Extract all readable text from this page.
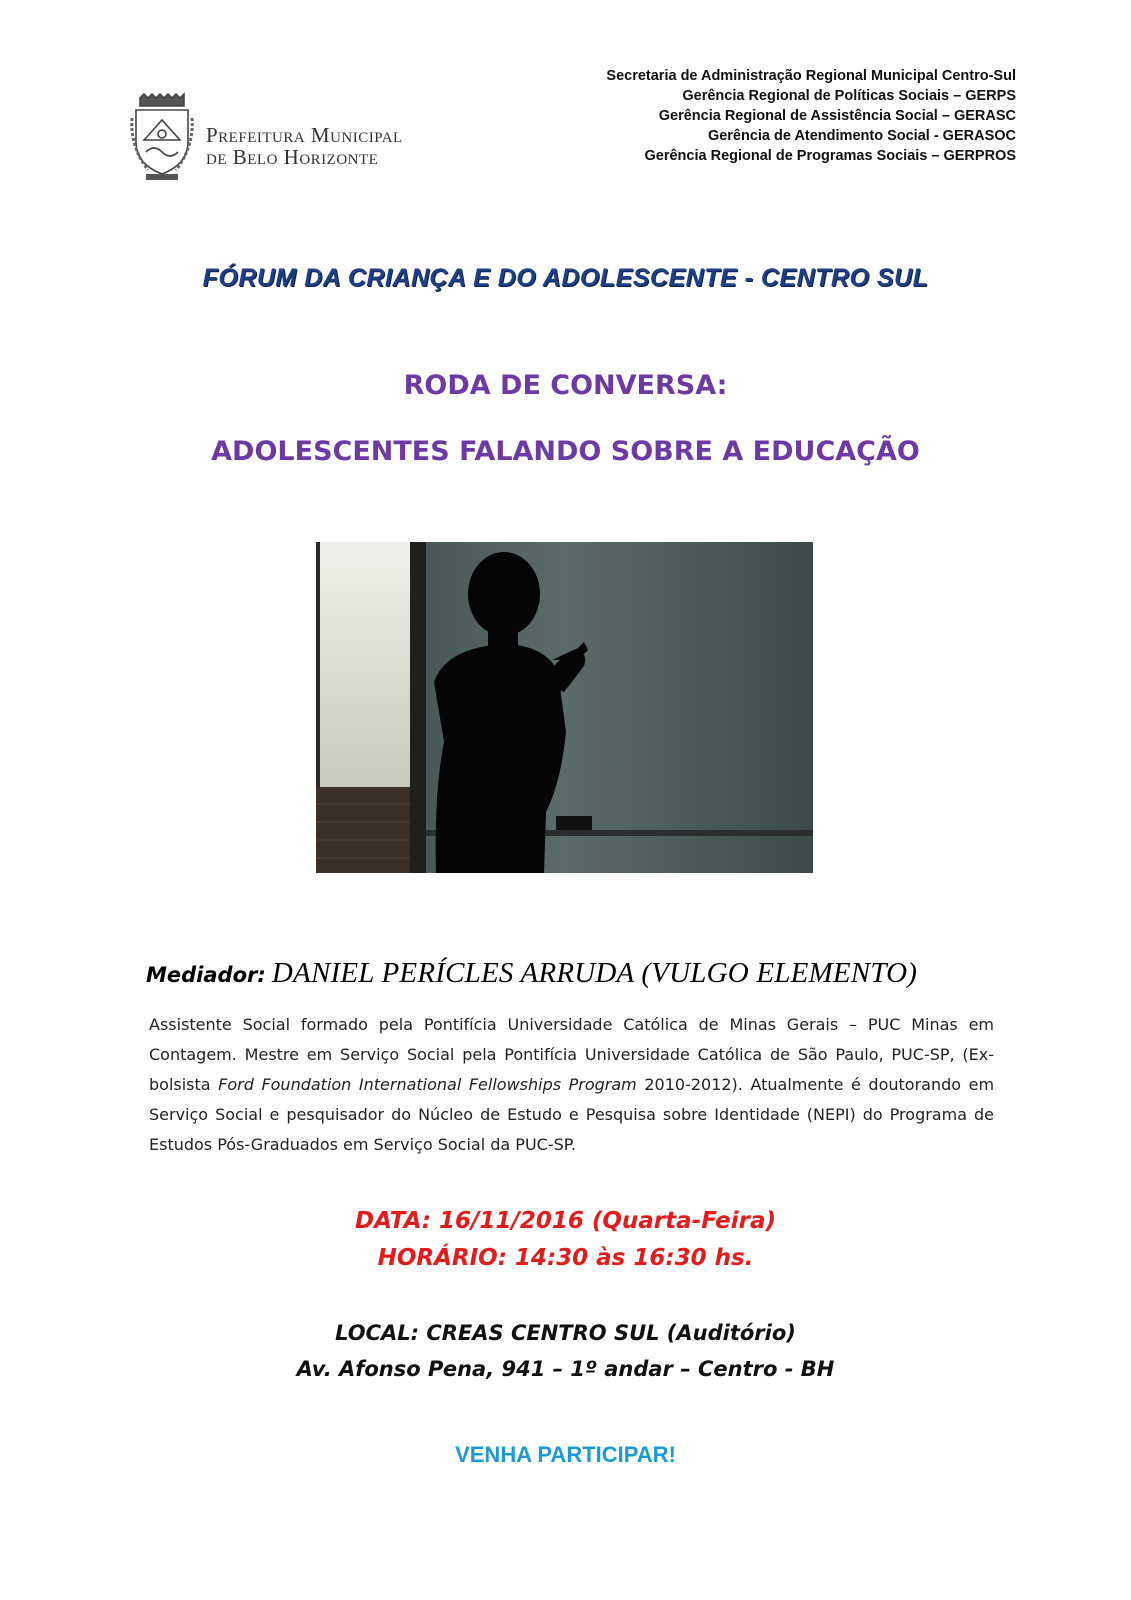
Prefeitura Municipal
de Belo Horizonte
Secretaria de Administração Regional Municipal Centro-Sul
Gerência Regional de Políticas Sociais – GERPS
Gerência Regional de Assistência Social – GERASC
Gerência de Atendimento Social - GERASOC
Gerência Regional de Programas Sociais – GERPROS
FÓRUM DA CRIANÇA E DO ADOLESCENTE - CENTRO SUL
RODA DE CONVERSA:
ADOLESCENTES FALANDO SOBRE A EDUCAÇÃO
Mediador: DANIEL PERÍCLES ARRUDA (VULGO ELEMENTO)
Assistente Social formado pela Pontifícia Universidade Católica de Minas Gerais – PUC Minas em Contagem. Mestre em Serviço Social pela Pontifícia Universidade Católica de São Paulo, PUC-SP, (Ex-bolsista Ford Foundation International Fellowships Program 2010-2012). Atualmente é doutorando em Serviço Social e pesquisador do Núcleo de Estudo e Pesquisa sobre Identidade (NEPI) do Programa de Estudos Pós-Graduados em Serviço Social da PUC-SP.
DATA: 16/11/2016 (Quarta-Feira)
HORÁRIO: 14:30 às 16:30 hs.
LOCAL: CREAS CENTRO SUL (Auditório)
Av. Afonso Pena, 941 – 1º andar – Centro - BH
VENHA PARTICIPAR!
